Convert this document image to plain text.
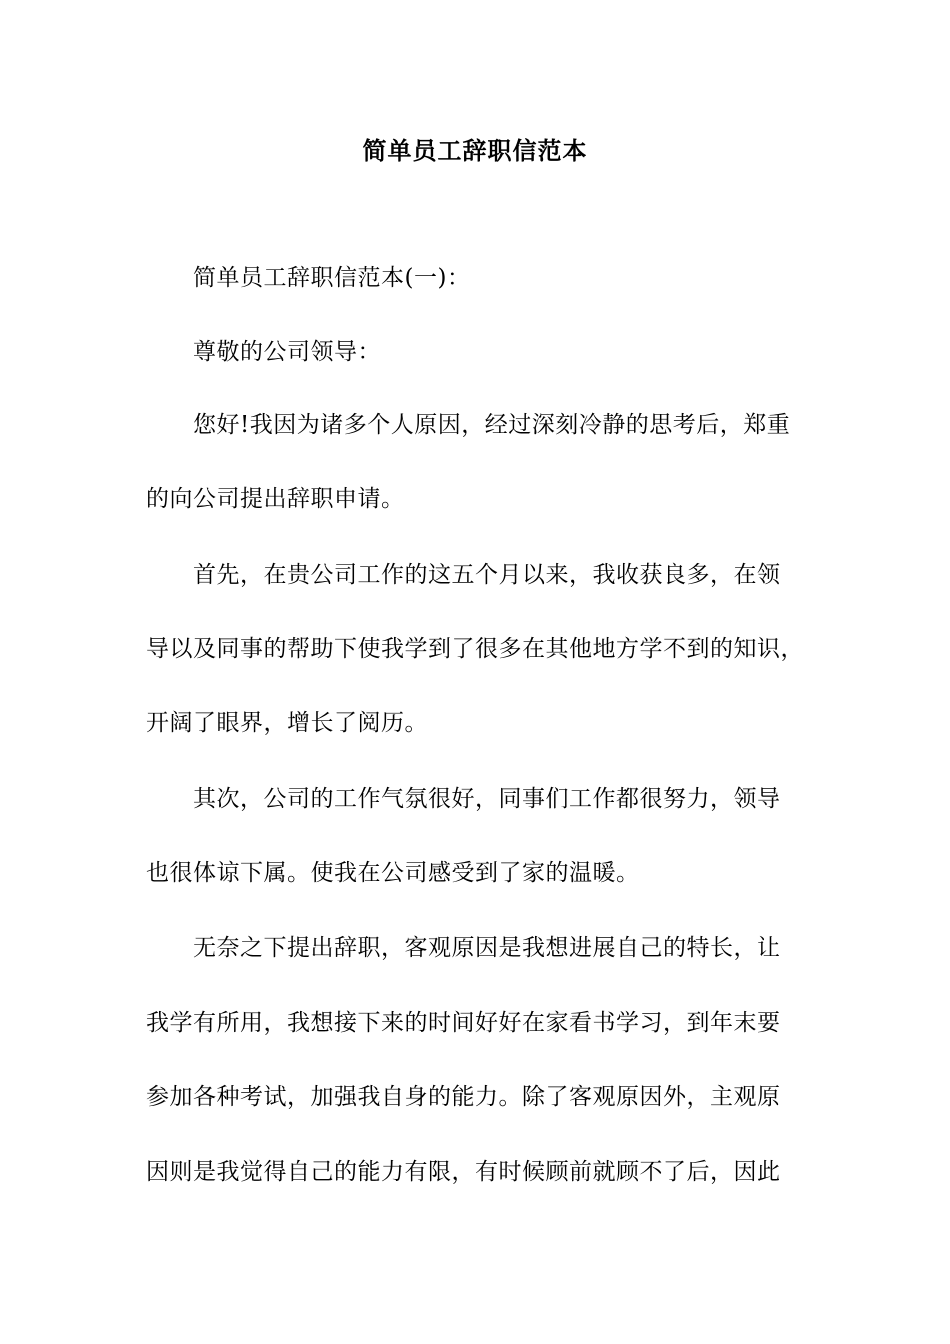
简单员工辞职信范本
简单员工辞职信范本(一)：
尊敬的公司领导：
您好!我因为诸多个人原因，经过深刻冷静的思考后，郑重
的向公司提出辞职申请。
首先，在贵公司工作的这五个月以来，我收获良多，在领
导以及同事的帮助下使我学到了很多在其他地方学不到的知识，
开阔了眼界，增长了阅历。
其次，公司的工作气氛很好，同事们工作都很努力，领导
也很体谅下属。使我在公司感受到了家的温暖。
无奈之下提出辞职，客观原因是我想进展自己的特长，让
我学有所用，我想接下来的时间好好在家看书学习，到年末要
参加各种考试，加强我自身的能力。除了客观原因外，主观原
因则是我觉得自己的能力有限，有时候顾前就顾不了后，因此
